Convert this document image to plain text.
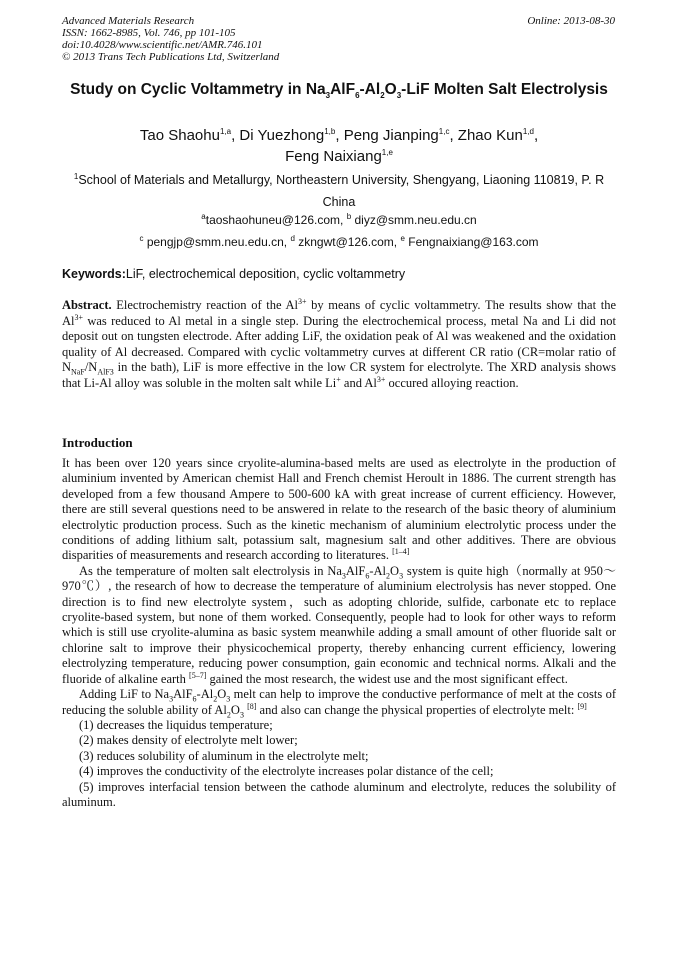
Advanced Materials Research
ISSN: 1662-8985, Vol. 746, pp 101-105
doi:10.4028/www.scientific.net/AMR.746.101
© 2013 Trans Tech Publications Ltd, Switzerland
Online: 2013-08-30
Study on Cyclic Voltammetry in $Na_3AlF_6-Al_2O_3$-LiF Molten Salt Electrolysis
Tao Shaohu$^{1,a}$, Di Yuezhong$^{1,b}$, Peng Jianping$^{1,c}$, Zhao Kun$^{1,d}$,
Feng Naixiang$^{1,e}$
$^1$School of Materials and Metallurgy, Northeastern University, Shengyang, Liaoning 110819, P. R China
$^a$taoshaohuneu@126.com, $^b$ diyz@smm.neu.edu.cn
$^c$ pengjp@smm.neu.edu.cn, $^d$ zkngwt@126.com, $^e$ Fengnaixiang@163.com
Keywords:LiF, electrochemical deposition, cyclic voltammetry
Abstract. Electrochemistry reaction of the $Al^{3+}$ by means of cyclic voltammetry. The results show that the $Al^{3+}$ was reduced to Al metal in a single step. During the electrochemical process, metal Na and Li did not deposit out on tungsten electrode. After adding LiF, the oxidation peak of Al was weakened and the oxidation quality of Al decreased. Compared with cyclic voltammetry curves at different CR ratio (CR=molar ratio of $N_{NaF}/N_{AlF3}$ in the bath), LiF is more effective in the low CR system for electrolyte. The XRD analysis shows that Li-Al alloy was soluble in the molten salt while Li+ and $Al^{3+}$ occured alloying reaction.
Introduction

It has been over 120 years since cryolite-alumina-based melts are used as electrolyte in the production of aluminium invented by American chemist Hall and French chemist Heroult in 1886. The current strength has developed from a few thousand Ampere to 500-600 kA with great increase of current efficiency. However, there are still several questions need to be answered in relate to the research of the basic theory of aluminium electrolytic production process. Such as the kinetic mechanism of aluminium electrolytic process under the conditions of adding lithium salt, potassium salt, magnesium salt and other additives. There are obvious disparities of measurements and research according to literatures. [1–4]

As the temperature of molten salt electrolysis in $Na_3AlF_6-Al_2O_3$ system is quite high（normally at 950～970℃）, the research of how to decrease the temperature of aluminium electrolysis has never stopped. One direction is to find new electrolyte system，such as adopting chloride, sulfide, carbonate etc to replace cryolite-based system, but none of them worked. Consequently, people had to look for other ways to reform which is still use cryolite-alumina as basic system meanwhile adding a small amount of other fluoride salt or chlorine salt to improve their physicochemical property, thereby enhancing current efficiency, lowering electrolyzing temperature, reducing power consumption, gain economic and technical norms. Alkali and the fluoride of alkaline earth [5–7] gained the most research, the widest use and the most significant effect.

Adding LiF to $Na_3AlF_6-Al_2O_3$ melt can help to improve the conductive performance of melt at the costs of reducing the soluble ability of $Al_2O_3$ [8] and also can change the physical properties of electrolyte melt: [9]

(1) decreases the liquidus temperature;

(2) makes density of electrolyte melt lower;

(3) reduces solubility of aluminum in the electrolyte melt;

(4) improves the conductivity of the electrolyte increases polar distance of the cell;

(5) improves interfacial tension between the cathode aluminum and electrolyte, reduces the solubility of aluminum.
